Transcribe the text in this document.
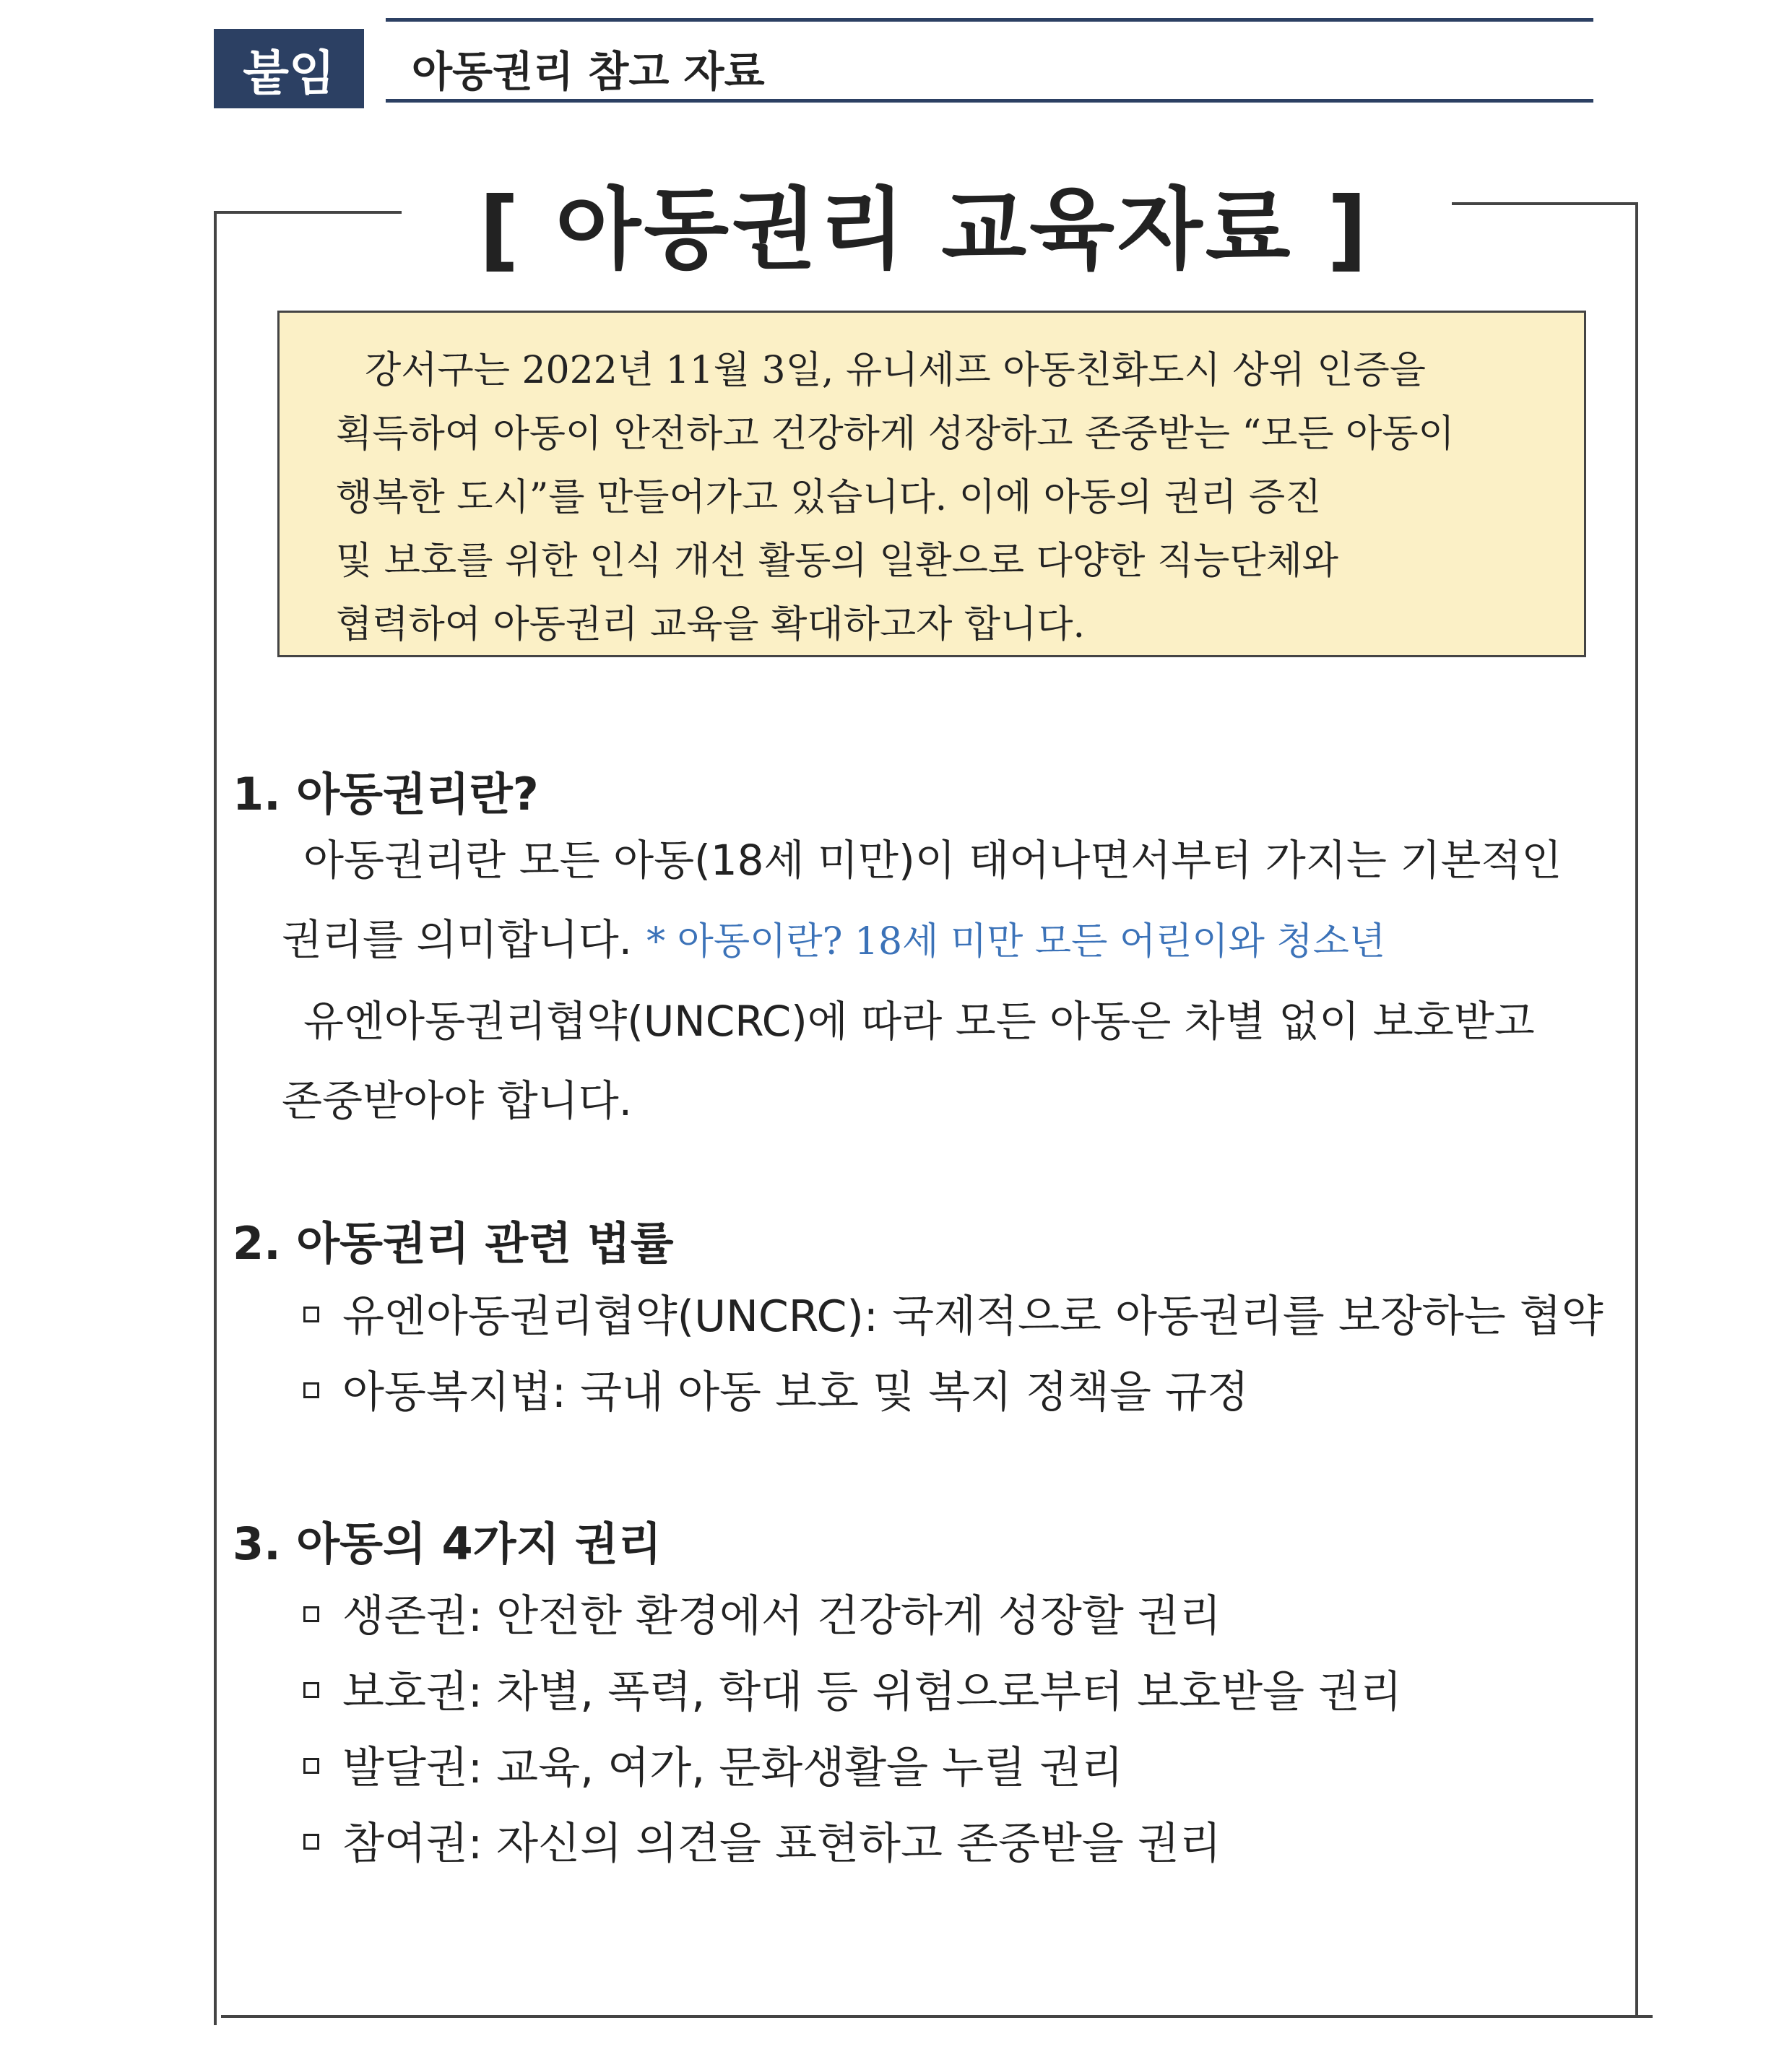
붙임	아동권리 참고 자료
[ 아동권리 교육자료 ]
강서구는 2022년 11월 3일, 유니세프 아동친화도시 상위 인증을
획득하여 아동이 안전하고 건강하게 성장하고 존중받는 “모든 아동이
행복한 도시”를 만들어가고 있습니다. 이에 아동의 권리 증진
및 보호를 위한 인식 개선 활동의 일환으로 다양한 직능단체와
협력하여 아동권리 교육을 확대하고자 합니다.
1. 아동권리란?
아동권리란 모든 아동(18세 미만)이 태어나면서부터 가지는 기본적인
권리를 의미합니다. * 아동이란? 18세 미만 모든 어린이와 청소년
유엔아동권리협약(UNCRC)에 따라 모든 아동은 차별 없이 보호받고
존중받아야 합니다.
2. 아동권리 관련 법률
유엔아동권리협약(UNCRC): 국제적으로 아동권리를 보장하는 협약
아동복지법: 국내 아동 보호 및 복지 정책을 규정
3. 아동의 4가지 권리
생존권: 안전한 환경에서 건강하게 성장할 권리
보호권: 차별, 폭력, 학대 등 위험으로부터 보호받을 권리
발달권: 교육, 여가, 문화생활을 누릴 권리
참여권: 자신의 의견을 표현하고 존중받을 권리
